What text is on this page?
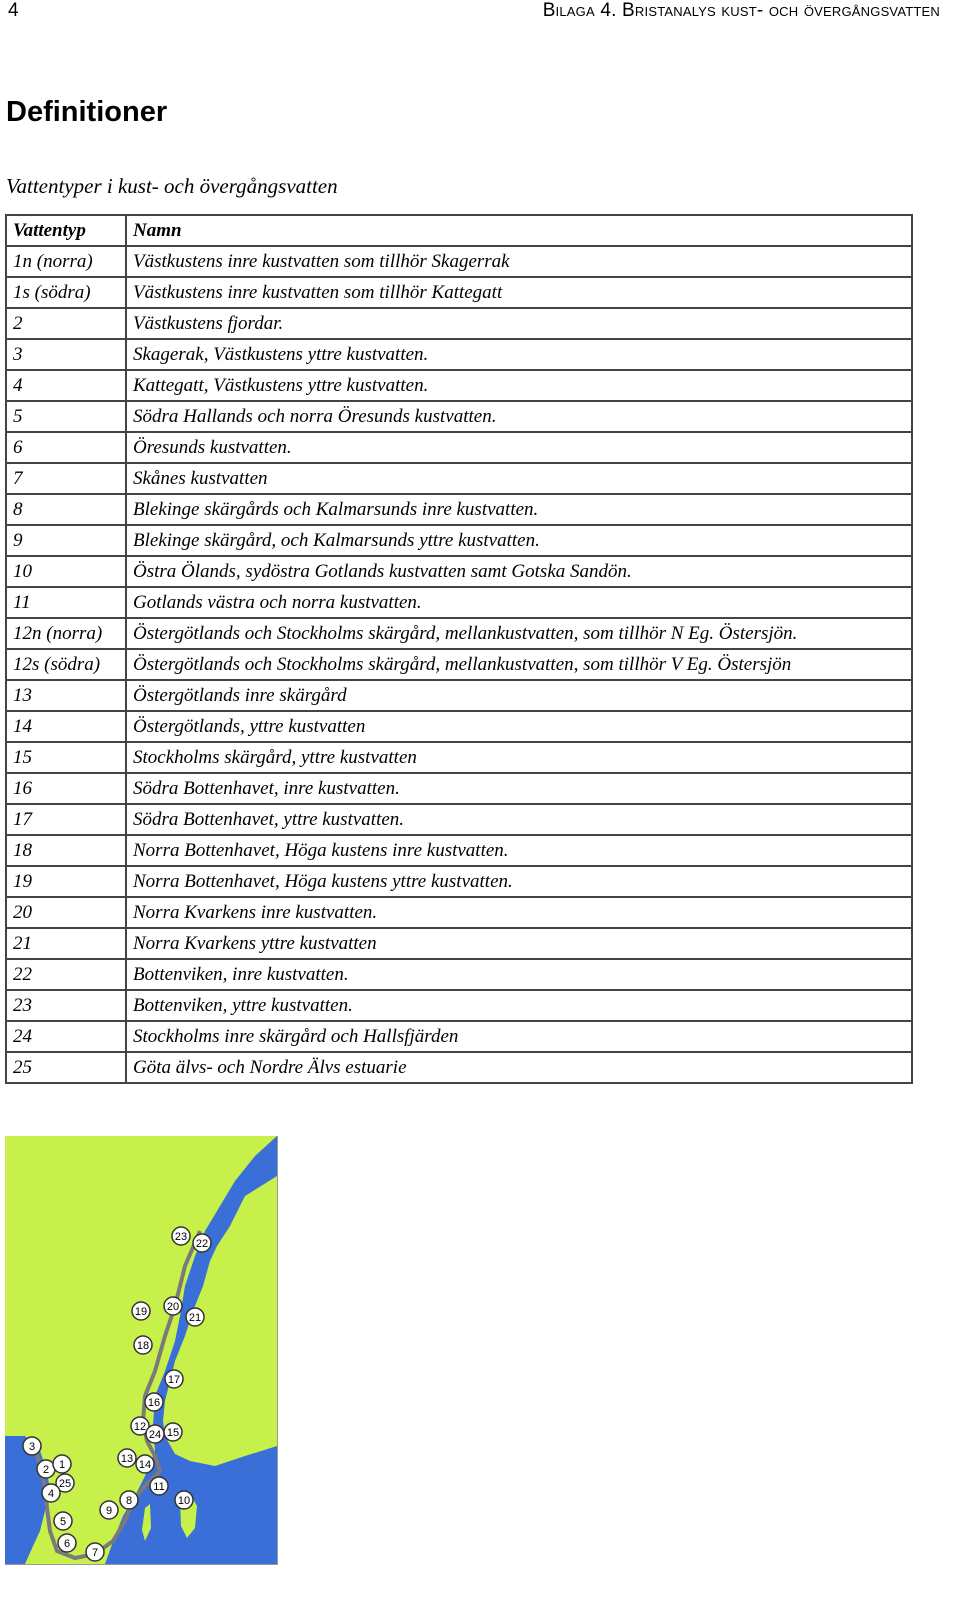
4	Bilaga 4. Bristanalys kust- och övergångsvatten
Definitioner
Vattentyper i kust- och övergångsvatten
Vattentyp	Namn
1n (norra)	Västkustens inre kustvatten som tillhör Skagerrak
1s (södra)	Västkustens inre kustvatten som tillhör Kattegatt
2	Västkustens fjordar.
3	Skagerak, Västkustens yttre kustvatten.
4	Kattegatt, Västkustens yttre kustvatten.
5	Södra Hallands och norra Öresunds kustvatten.
6	Öresunds kustvatten.
7	Skånes kustvatten
8	Blekinge skärgårds och Kalmarsunds inre kustvatten.
9	Blekinge skärgård, och Kalmarsunds yttre kustvatten.
10	Östra Ölands, sydöstra Gotlands kustvatten samt Gotska Sandön.
11	Gotlands västra och norra kustvatten.
12n (norra)	Östergötlands och Stockholms skärgård, mellankustvatten, som tillhör N Eg. Östersjön.
12s (södra)	Östergötlands och Stockholms skärgård, mellankustvatten, som tillhör V Eg. Östersjön
13	Östergötlands inre skärgård
14	Östergötlands, yttre kustvatten
15	Stockholms skärgård, yttre kustvatten
16	Södra Bottenhavet, inre kustvatten.
17	Södra Bottenhavet, yttre kustvatten.
18	Norra Bottenhavet, Höga kustens inre kustvatten.
19	Norra Bottenhavet, Höga kustens yttre kustvatten.
20	Norra Kvarkens inre kustvatten.
21	Norra Kvarkens yttre kustvatten
22	Bottenviken, inre kustvatten.
23	Bottenviken, yttre kustvatten.
24	Stockholms inre skärgård och Hallsfjärden
25	Göta älvs- och Nordre Älvs estuarie
23
22
19 20
21
18
17
16
12
24 15
3
13 14
2 1
25
4
11
8	10
9
5
6
7
